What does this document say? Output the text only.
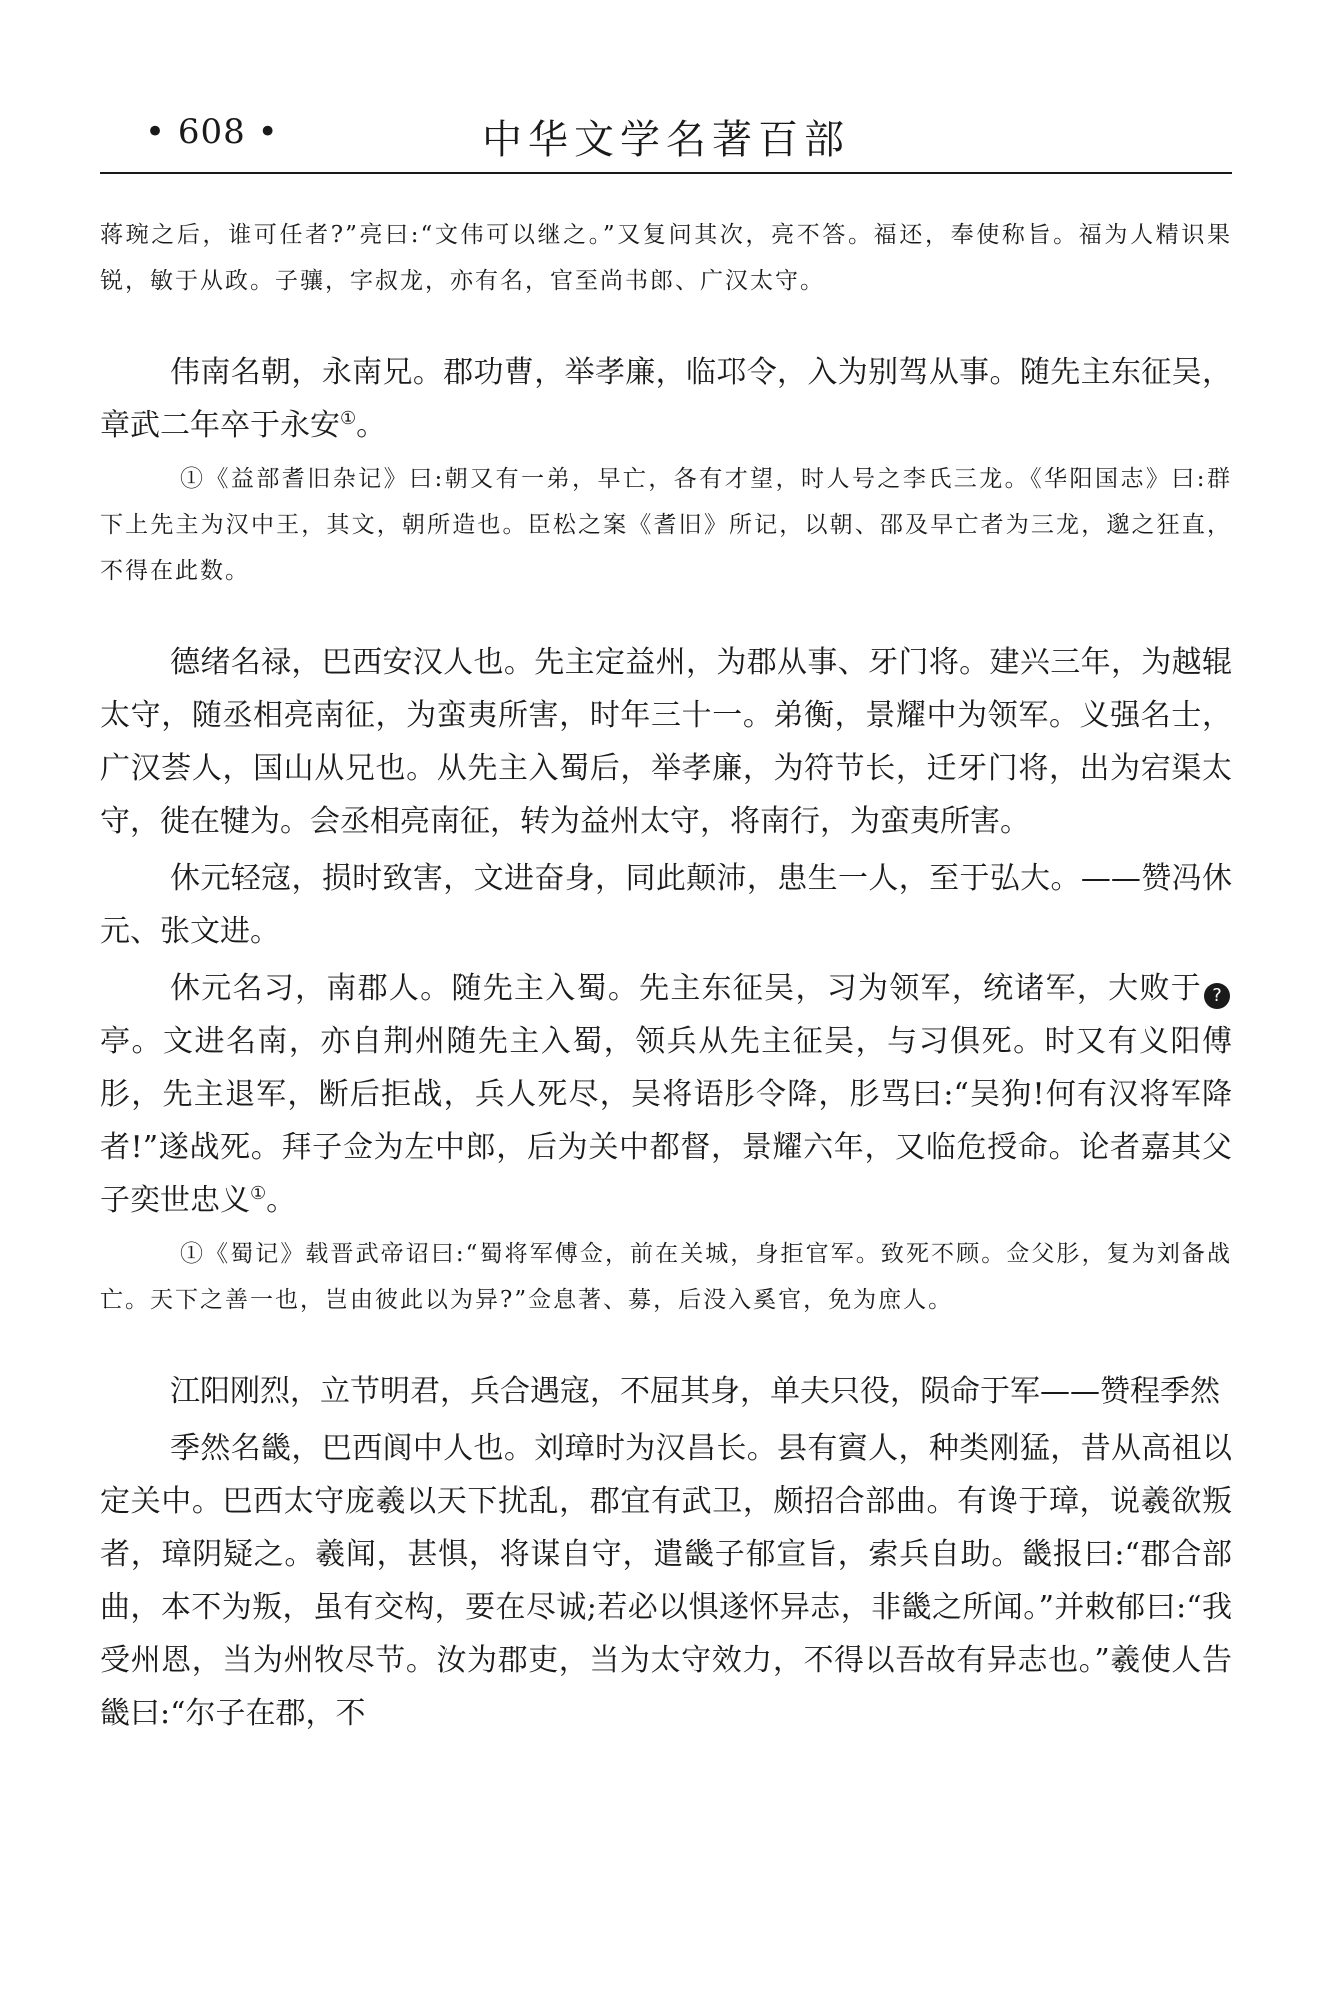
• 608 •	中华文学名著百部

蒋琬之后，谁可任者?”亮曰:“文伟可以继之。”又复问其次，亮不答。福还，奉使称旨。福为人精识果锐，敏于从政。子骧，字叔龙，亦有名，官至尚书郎、广汉太守。

伟南名朝，永南兄。郡功曹，举孝廉，临邛令，入为别驾从事。随先主东征吴，章武二年卒于永安①。

①《益部耆旧杂记》曰:朝又有一弟，早亡，各有才望，时人号之李氏三龙。《华阳国志》曰:群下上先主为汉中王，其文，朝所造也。臣松之案《耆旧》所记，以朝、邵及早亡者为三龙，邈之狂直，不得在此数。

德绪名禄，巴西安汉人也。先主定益州，为郡从事、牙门将。建兴三年，为越辊太守，随丞相亮南征，为蛮夷所害，时年三十一。弟衡，景耀中为领军。义强名士，广汉荟人，国山从兄也。从先主入蜀后，举孝廉，为符节长，迁牙门将，出为宕渠太守，徙在犍为。会丞相亮南征，转为益州太守，将南行，为蛮夷所害。

休元轻寇，损时致害，文进奋身，同此颠沛，患生一人，至于弘大。——赞冯休元、张文进。

休元名习，南郡人。随先主入蜀。先主东征吴，习为领军，统诸军，大败于 ?亭。文进名南，亦自荆州随先主入蜀，领兵从先主征吴，与习俱死。时又有义阳傅肜，先主退军，断后拒战，兵人死尽，吴将语肜令降，肜骂曰:“吴狗!何有汉将军降者!”遂战死。拜子佥为左中郎，后为关中都督，景耀六年，又临危授命。论者嘉其父子奕世忠义①。

①《蜀记》载晋武帝诏曰:“蜀将军傅佥，前在关城，身拒官军。致死不顾。佥父肜，复为刘备战亡。天下之善一也，岂由彼此以为异?”佥息著、募，后没入奚官，免为庶人。

江阳刚烈，立节明君，兵合遇寇，不屈其身，单夫只役，陨命于军——赞程季然

季然名畿，巴西阆中人也。刘璋时为汉昌长。县有賨人，种类刚猛，昔从高祖以定关中。巴西太守庞羲以天下扰乱，郡宜有武卫，颇招合部曲。有谗于璋，说羲欲叛者，璋阴疑之。羲闻，甚惧，将谋自守，遣畿子郁宣旨，索兵自助。畿报曰:“郡合部曲，本不为叛，虽有交构，要在尽诚;若必以惧遂怀异志，非畿之所闻。”并敕郁曰:“我受州恩，当为州牧尽节。汝为郡吏，当为太守效力，不得以吾故有异志也。”羲使人告畿曰:“尔子在郡，不
